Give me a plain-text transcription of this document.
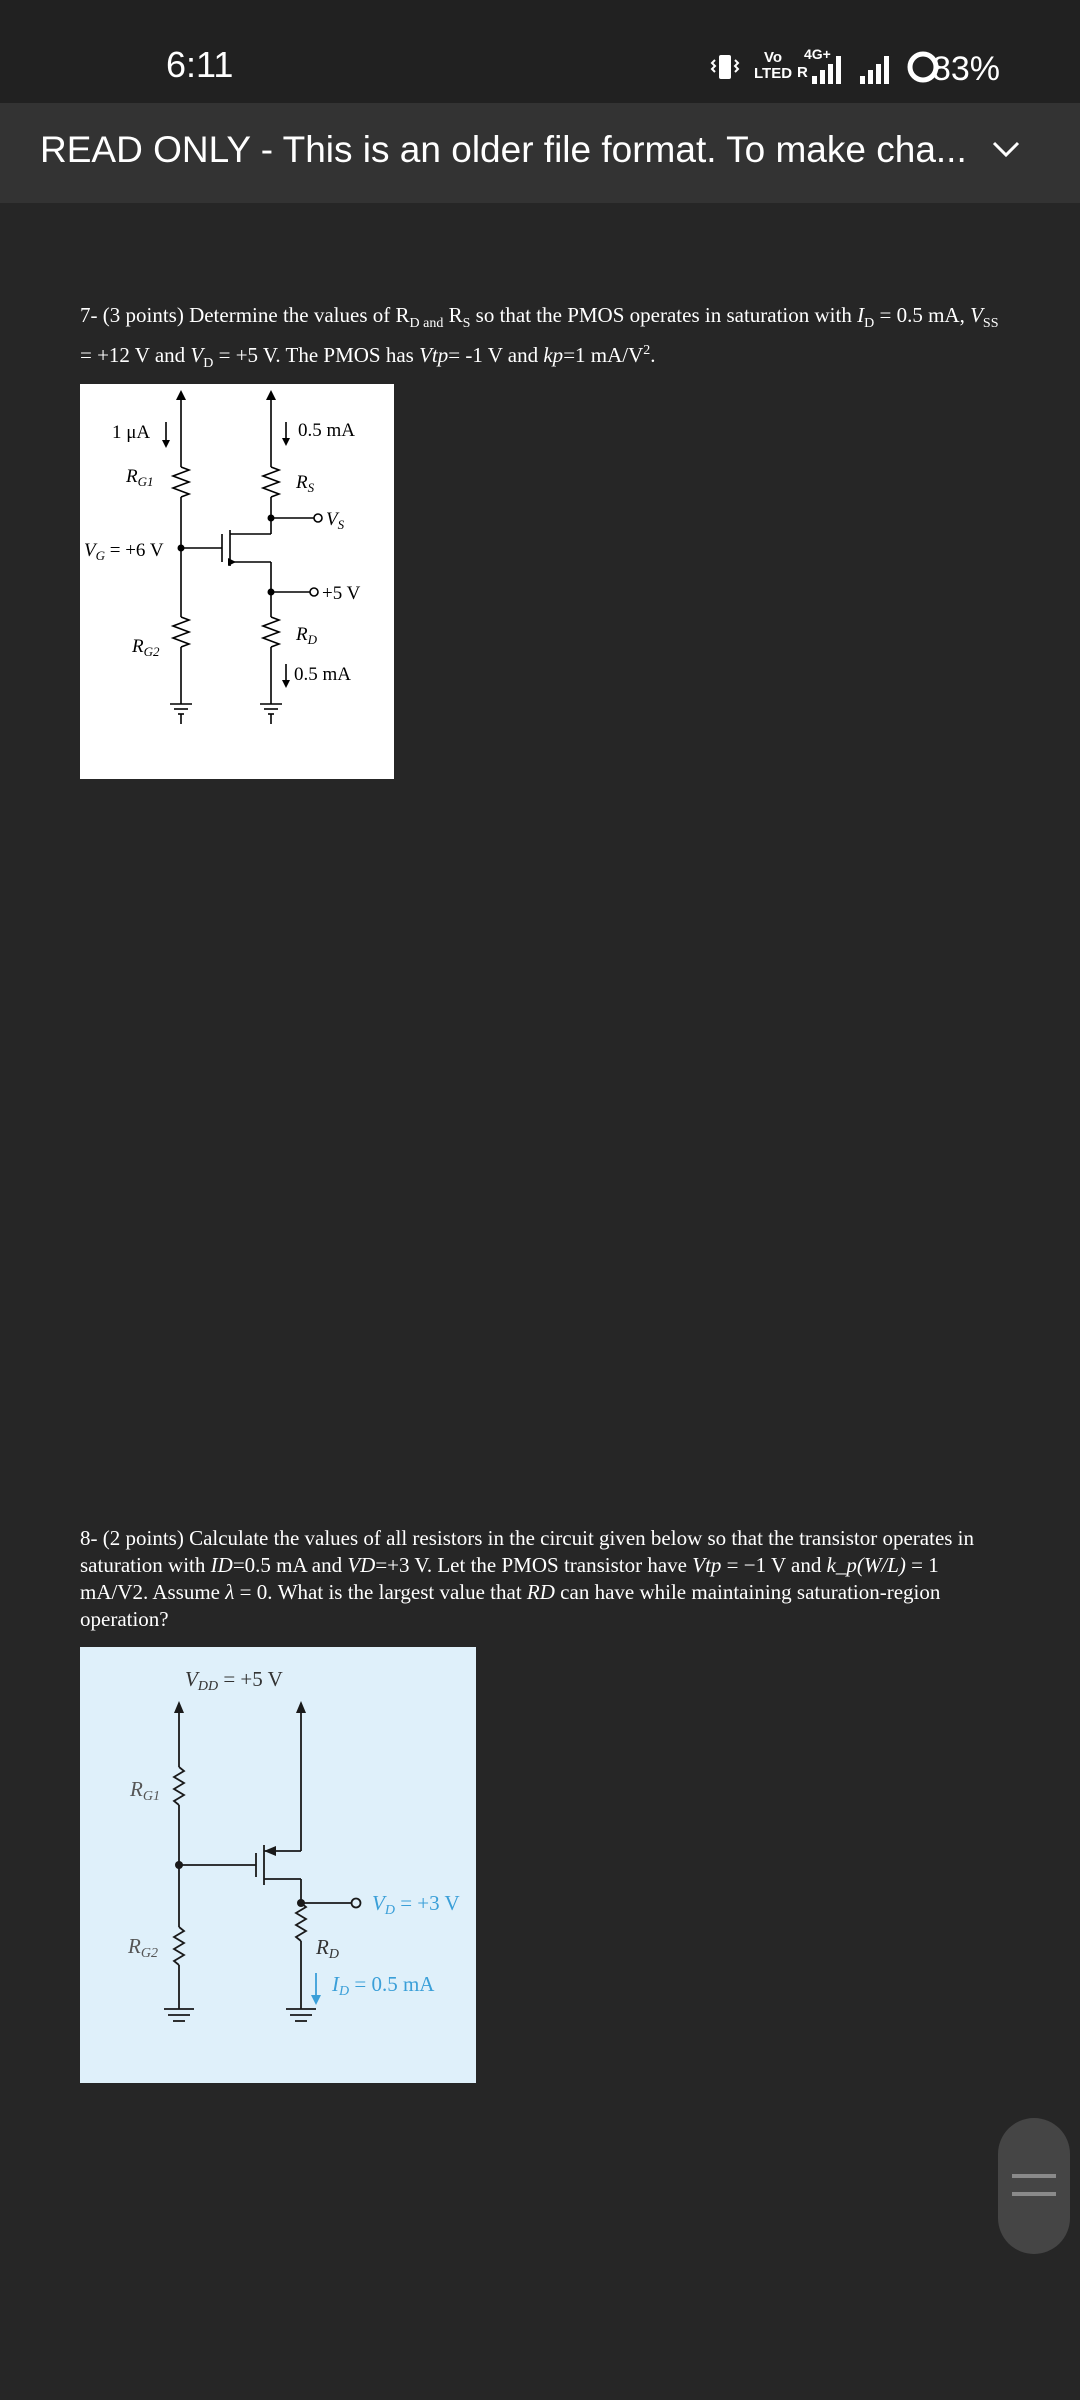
6:11	Vo
LTED R
4G+	83%
READ ONLY - This is an older file format. To make cha...
7- (3 points) Determine the values of $R_{D and}$ $R_S$ so that the PMOS operates in saturation with $I_D = 0.5$ mA, $V_{SS} = +12$ V and $V_D = +5$ V. The PMOS has Vtp= -1 V and kp=1 $mA/V^2$.
1 μA	0.5 mA
$R_{G1}$	$R_S$
$V_S$
$V_G = +6$ V
+5 V
$R_D$
0.5 mA
$R_{G2}$
8- (2 points) Calculate the values of all resistors in the circuit given below so that the transistor operates in saturation with ID=0.5 mA and VD=+3 V. Let the PMOS transistor have Vtp = −1 V and k_p(W/L) = 1 mA/V2. Assume λ = 0. What is the largest value that RD can have while maintaining saturation-region operation?
VDD = +5 V
RG1
RG2	RD
VD = +3 V
ID = 0.5 mA
